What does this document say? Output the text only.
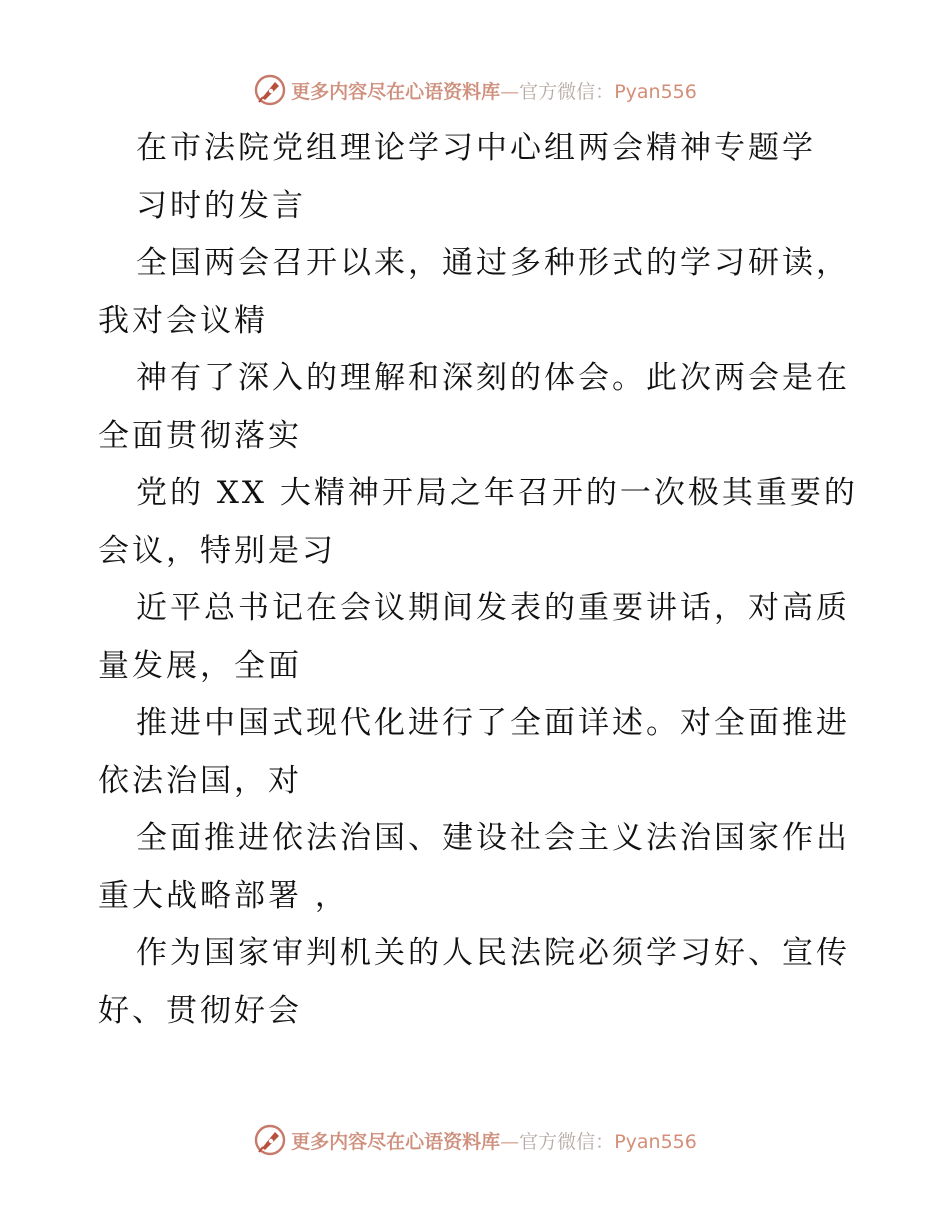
更多内容尽在心语资料库—官方微信：Pyan556
在市法院党组理论学习中心组两会精神专题学
习时的发言
全国两会召开以来，通过多种形式的学习研读，
我对会议精
神有了深入的理解和深刻的体会。此次两会是在
全面贯彻落实
党的 XX 大精神开局之年召开的一次极其重要的
会议，特别是习
近平总书记在会议期间发表的重要讲话，对高质
量发展，全面
推进中国式现代化进行了全面详述。对全面推进
依法治国，对
全面推进依法治国、建设社会主义法治国家作出
重大战略部署 ，
作为国家审判机关的人民法院必须学习好、宣传
好、贯彻好会
更多内容尽在心语资料库—官方微信：Pyan556
